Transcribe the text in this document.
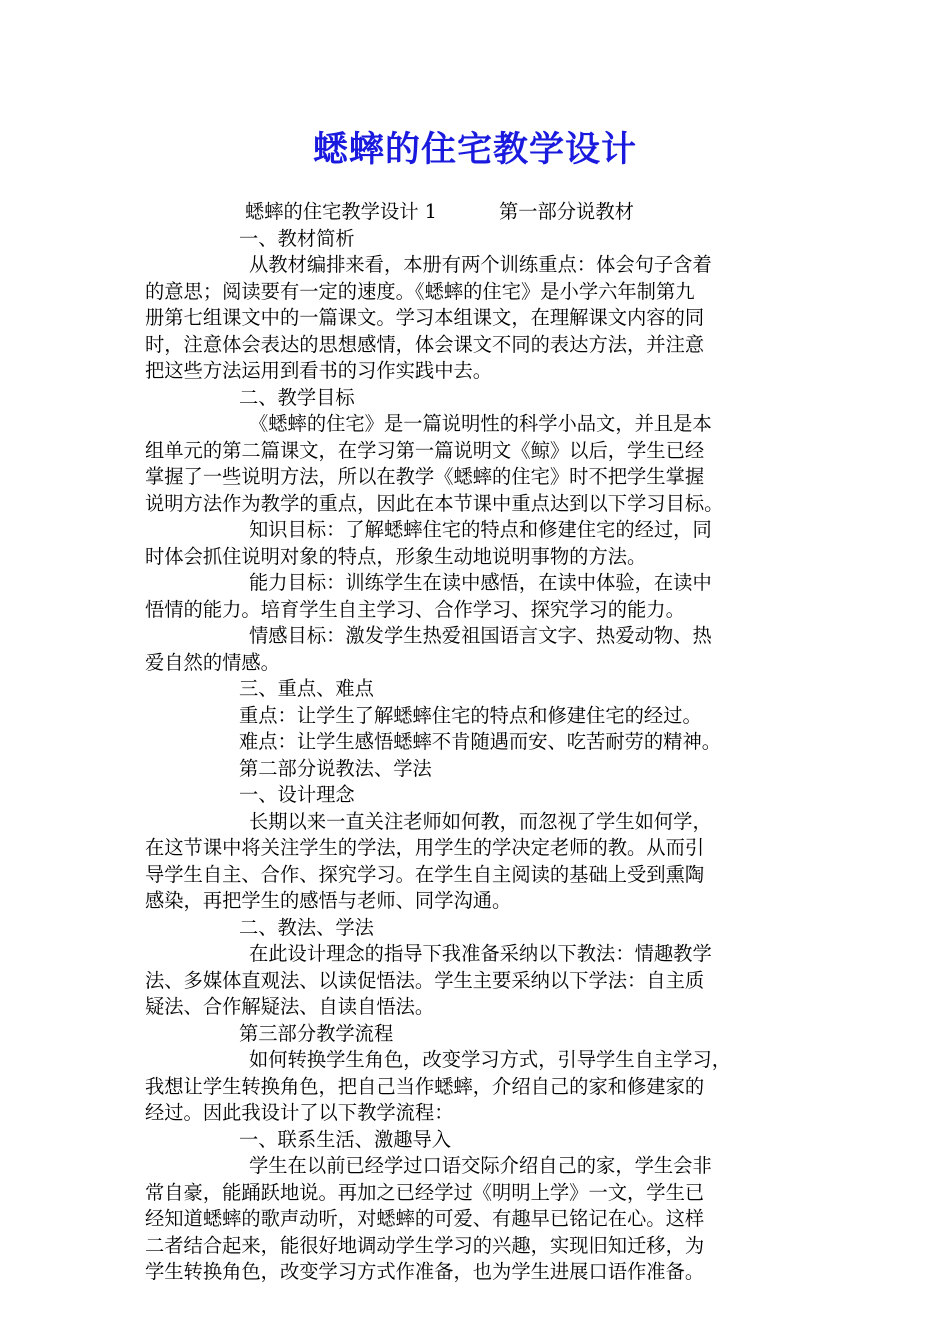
蟋蟀的住宅教学设计
蟋蟀的住宅教学设计 1	第一部分说教材
一、教材简析
从教材编排来看，本册有两个训练重点：体会句子含着
的意思；阅读要有一定的速度。《蟋蟀的住宅》是小学六年制第九
册第七组课文中的一篇课文。学习本组课文，在理解课文内容的同
时，注意体会表达的思想感情，体会课文不同的表达方法，并注意
把这些方法运用到看书的习作实践中去。
二、教学目标
《蟋蟀的住宅》是一篇说明性的科学小品文，并且是本
组单元的第二篇课文，在学习第一篇说明文《鲸》以后，学生已经
掌握了一些说明方法，所以在教学《蟋蟀的住宅》时不把学生掌握
说明方法作为教学的重点，因此在本节课中重点达到以下学习目标。
知识目标：了解蟋蟀住宅的特点和修建住宅的经过，同
时体会抓住说明对象的特点，形象生动地说明事物的方法。
能力目标：训练学生在读中感悟，在读中体验，在读中
悟情的能力。培育学生自主学习、合作学习、探究学习的能力。
情感目标：激发学生热爱祖国语言文字、热爱动物、热
爱自然的情感。
三、重点、难点
重点：让学生了解蟋蟀住宅的特点和修建住宅的经过。
难点：让学生感悟蟋蟀不肯随遇而安、吃苦耐劳的精神。
第二部分说教法、学法
一、设计理念
长期以来一直关注老师如何教，而忽视了学生如何学，
在这节课中将关注学生的学法，用学生的学决定老师的教。从而引
导学生自主、合作、探究学习。在学生自主阅读的基础上受到熏陶
感染，再把学生的感悟与老师、同学沟通。
二、教法、学法
在此设计理念的指导下我准备采纳以下教法：情趣教学
法、多媒体直观法、以读促悟法。学生主要采纳以下学法：自主质
疑法、合作解疑法、自读自悟法。
第三部分教学流程
如何转换学生角色，改变学习方式，引导学生自主学习，
我想让学生转换角色，把自己当作蟋蟀，介绍自己的家和修建家的
经过。因此我设计了以下教学流程：
一、联系生活、激趣导入
学生在以前已经学过口语交际介绍自己的家，学生会非
常自豪，能踊跃地说。再加之已经学过《明明上学》一文，学生已
经知道蟋蟀的歌声动听，对蟋蟀的可爱、有趣早已铭记在心。这样
二者结合起来，能很好地调动学生学习的兴趣，实现旧知迁移，为
学生转换角色，改变学习方式作准备，也为学生进展口语作准备。
